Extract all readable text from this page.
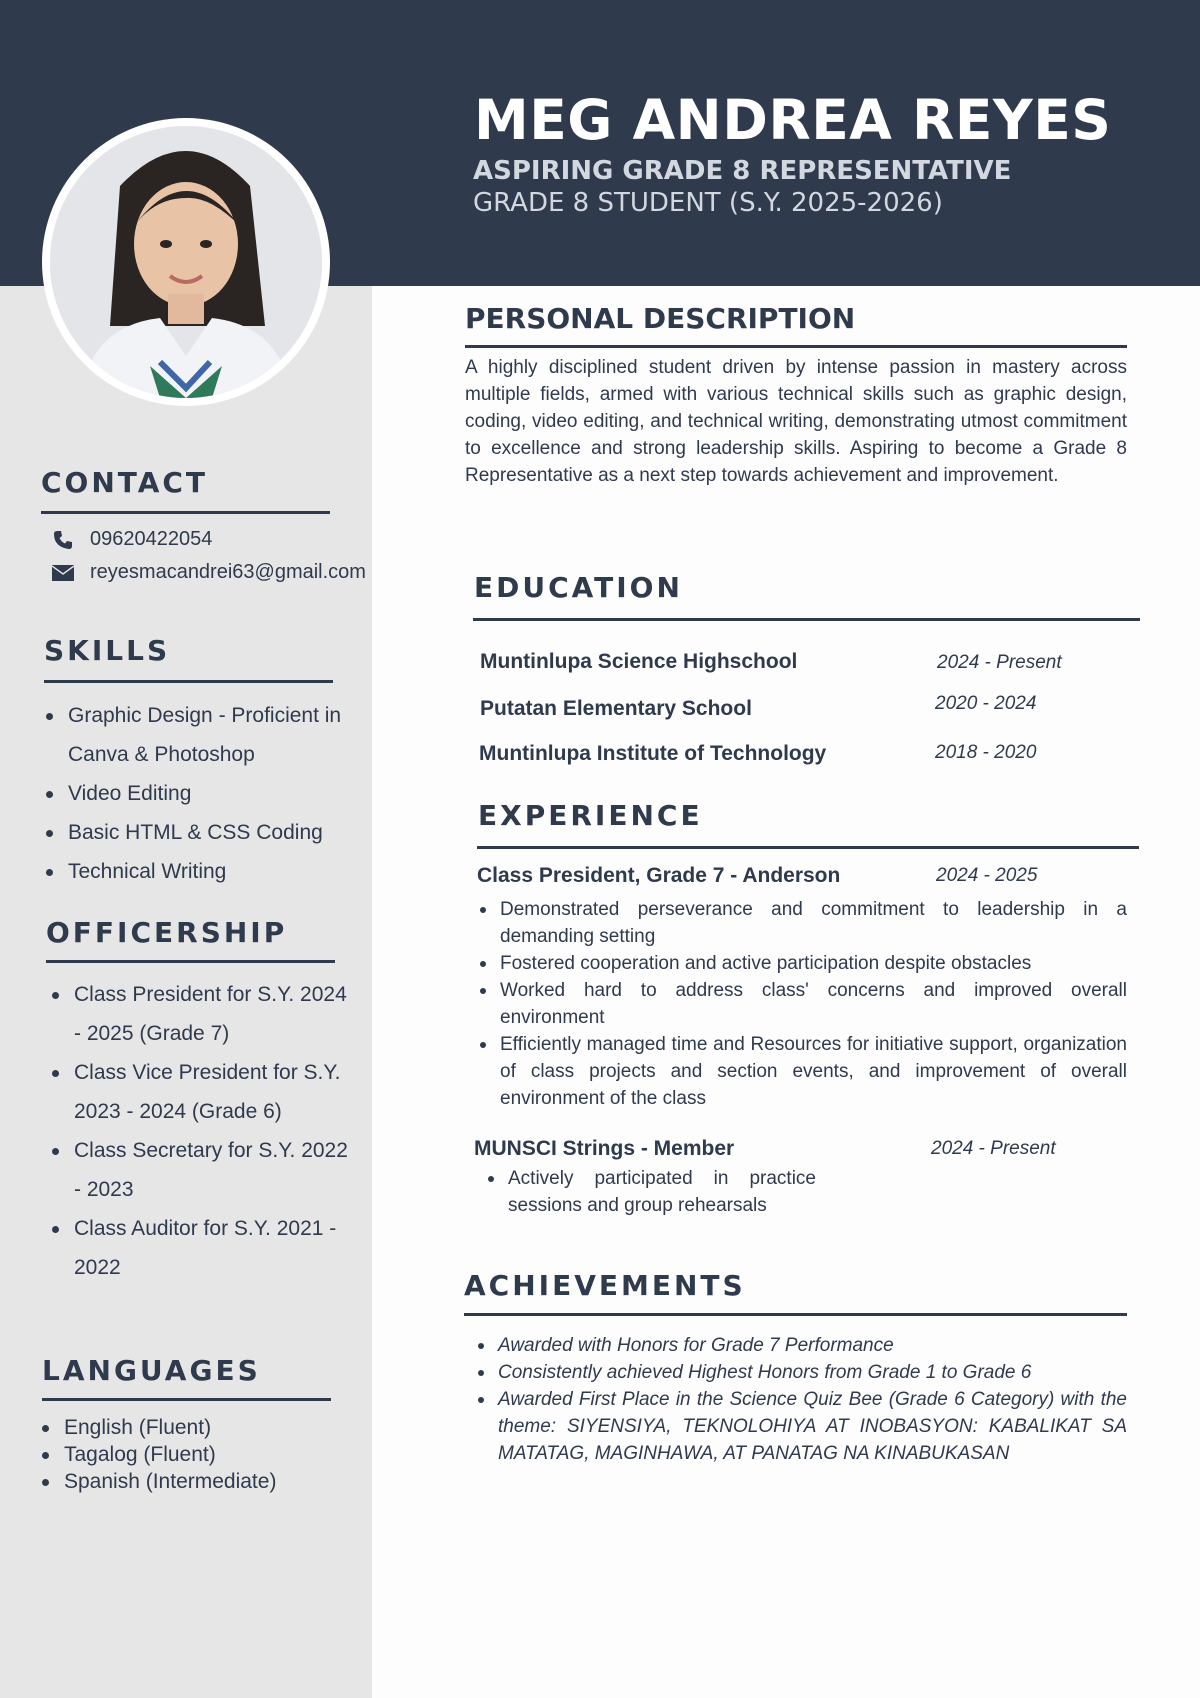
MEG ANDREA REYES
ASPIRING GRADE 8 REPRESENTATIVE

GRADE 8 STUDENT (S.Y. 2025-2026)

CONTACT
09620422054
reyesmacandrei63@gmail.com
SKILLS
Graphic Design - Proficient in Canva & Photoshop
Video Editing
Basic HTML & CSS Coding
Technical Writing
OFFICERSHIP
Class President for S.Y. 2024 - 2025 (Grade 7)
Class Vice President for S.Y. 2023 - 2024 (Grade 6)
Class Secretary for S.Y. 2022 - 2023
Class Auditor for S.Y. 2021 - 2022
LANGUAGES
English (Fluent)
Tagalog (Fluent)
Spanish (Intermediate)
PERSONAL DESCRIPTION

A highly disciplined student driven by intense passion in mastery across multiple fields, armed with various technical skills such as graphic design, coding, video editing, and technical writing, demonstrating utmost commitment to excellence and strong leadership skills. Aspiring to become a Grade 8 Representative as a next step towards achievement and improvement.

EDUCATION

Muntinlupa Science Highschool	2024 - Present

Putatan Elementary School	2020 - 2024

Muntinlupa Institute of Technology	2018 - 2020

EXPERIENCE

Class President, Grade 7 - Anderson	2024 - 2025

Demonstrated perseverance and commitment to leadership in a demanding setting
Fostered cooperation and active participation despite obstacles
Worked hard to address class' concerns and improved overall environment
Efficiently managed time and Resources for initiative support, organization of class projects and section events, and improvement of overall environment of the class

MUNSCI Strings - Member	2024 - Present

Actively participated in practice sessions and group rehearsals
ACHIEVEMENTS
Awarded with Honors for Grade 7 Performance
Consistently achieved Highest Honors from Grade 1 to Grade 6
Awarded First Place in the Science Quiz Bee (Grade 6 Category) with the theme: SIYENSIYA, TEKNOLOHIYA AT INOBASYON: KABALIKAT SA MATATAG, MAGINHAWA, AT PANATAG NA KINABUKASAN
